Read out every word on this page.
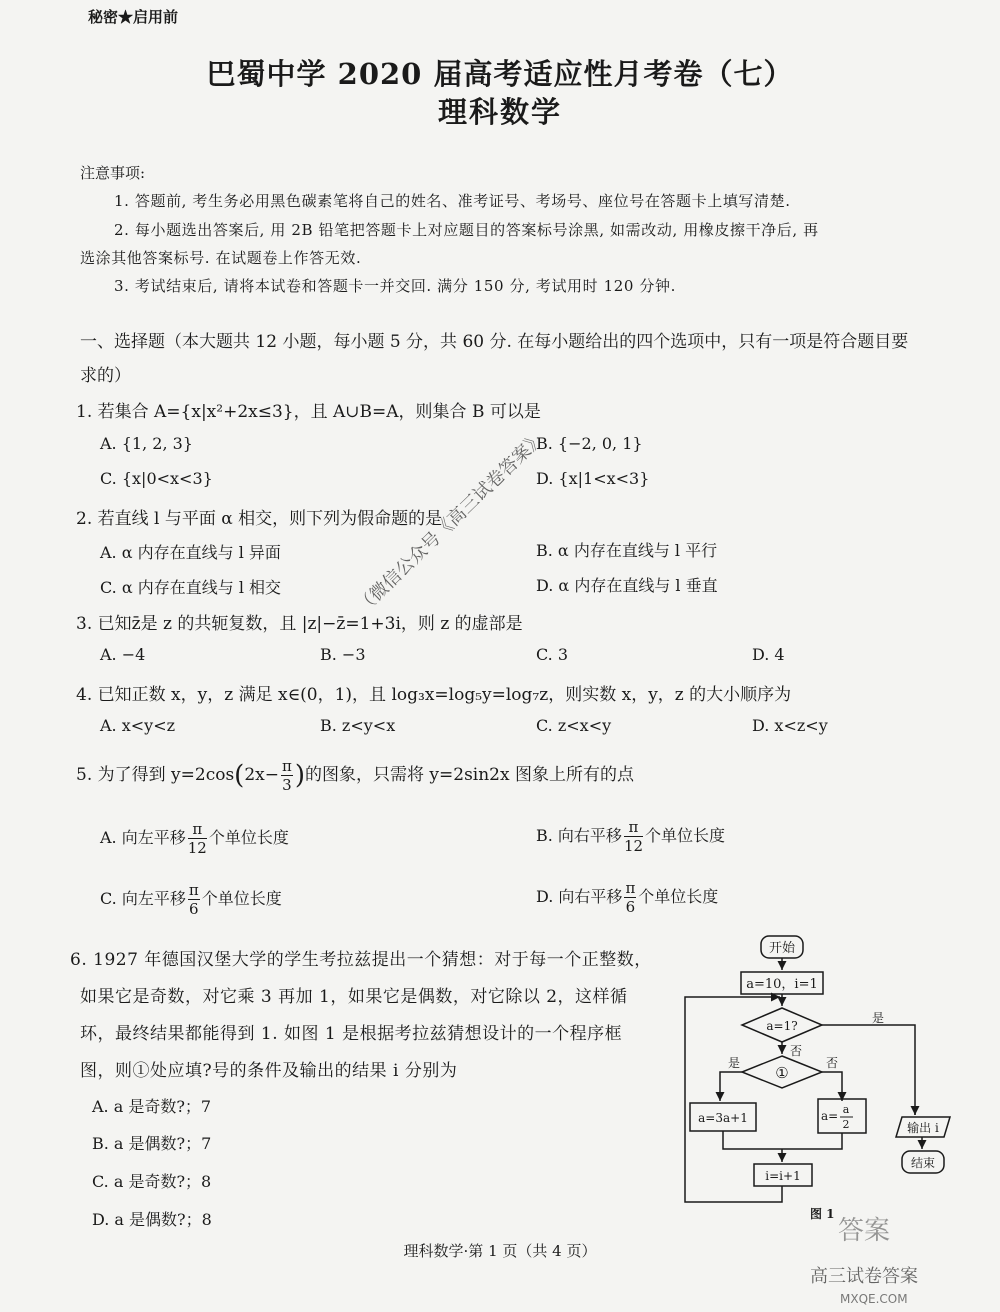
秘密★启用前
巴蜀中学 2020 届高考适应性月考卷（七）
理科数学
注意事项:
1. 答题前, 考生务必用黑色碳素笔将自己的姓名、准考证号、考场号、座位号在答题卡上填写清楚.
2. 每小题选出答案后, 用 2B 铅笔把答题卡上对应题目的答案标号涂黑, 如需改动, 用橡皮擦干净后, 再
选涂其他答案标号. 在试题卷上作答无效.
3. 考试结束后, 请将本试卷和答题卡一并交回. 满分 150 分, 考试用时 120 分钟.
一、选择题（本大题共 12 小题，每小题 5 分，共 60 分. 在每小题给出的四个选项中，只有一项是符合题目要
求的）
1. 若集合 A={x|x²+2x≤3}，且 A∪B=A，则集合 B 可以是
A. {1, 2, 3}	B. {−2, 0, 1}
C. {x|0<x<3}	D. {x|1<x<3}
2. 若直线 l 与平面 α 相交，则下列为假命题的是
A. α 内存在直线与 l 异面	B. α 内存在直线与 l 平行
C. α 内存在直线与 l 相交	D. α 内存在直线与 l 垂直
3. 已知z̄是 z 的共轭复数，且 |z|−z̄=1+3i，则 z 的虚部是
A. −4	B. −3	C. 3	D. 4
4. 已知正数 x，y，z 满足 x∈(0，1)，且 log₃x=log₅y=log₇z，则实数 x，y，z 的大小顺序为
A. x<y<z	B. z<y<x	C. z<x<y	D. x<z<y
5. 为了得到 $y=2\cos(2x- \frac{\pi}{3}$ )的图象，只需将 y=2sin2x 图象上所有的点
A. 向左平移 $\frac{\pi}{12}$ 个单位长度	B. 向右平移 $\frac{\pi}{12}$ 个单位长度
C. 向左平移 $\frac{\pi}{6}$ 个单位长度	D. 向右平移 $\frac{\pi}{6}$ 个单位长度
6. 1927 年德国汉堡大学的学生考拉兹提出一个猜想：对于每一个正整数，
如果它是奇数，对它乘 3 再加 1，如果它是偶数，对它除以 2，这样循
环，最终结果都能得到 1. 如图 1 是根据考拉兹猜想设计的一个程序框
图，则①处应填?号的条件及输出的结果 i 分别为
A. a 是奇数?；7
B. a 是偶数?；7
C. a 是奇数?；8
D. a 是偶数?；8
开始
a=10，i=1
a=1?
是
否
①
是	否
a=3a+1	a= a
2
i=i+1
输出 i
结束
图 1
（微信公众号《高三试卷答案》
答案
高三试卷答案
MXQE.COM
理科数学·第 1 页（共 4 页）
